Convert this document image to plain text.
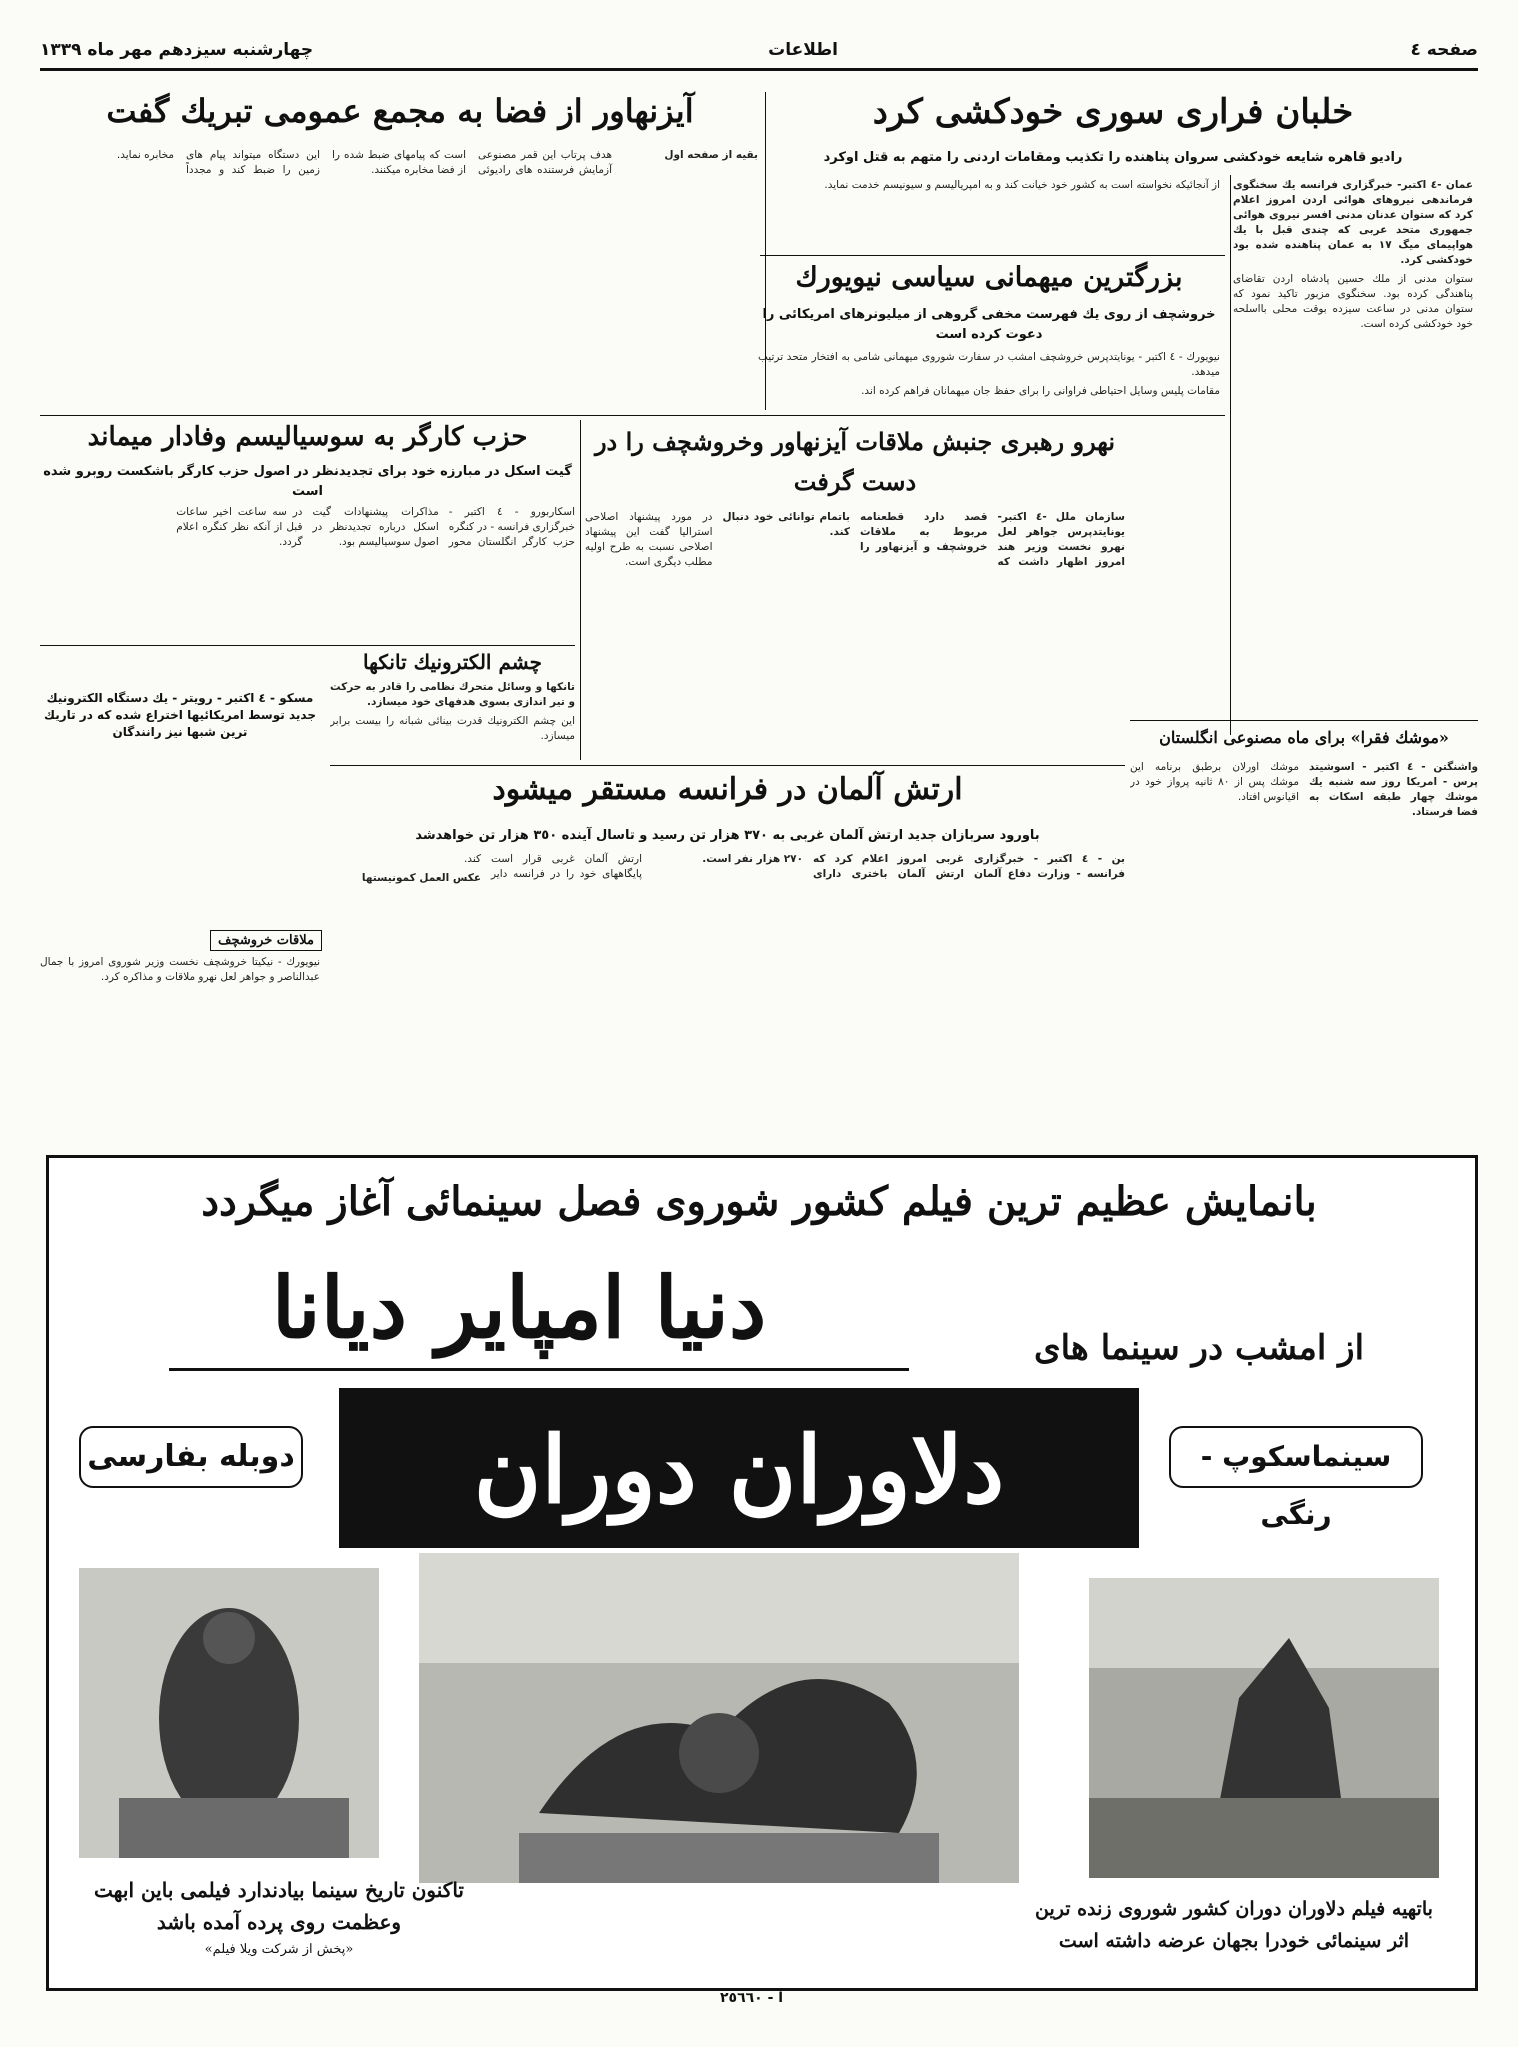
صفحه ٤
اطلاعات
چهارشنبه سیزدهم مهر ماه ١٣٣٩
خلبان فراری سوری خودکشی کرد
رادیو قاهره شایعه خودکشی سروان پناهنده را تکذیب ومقامات اردنی را متهم به قتل اوکرد

عمان -٤ اکتبر- خبرگزاری فرانسه یك سخنگوی فرماندهی نیروهای هوائی اردن امروز اعلام کرد که ستوان عدنان مدنی افسر نیروی هوائی جمهوری متحد عربی که چندی قبل با یك هواپیمای میگ ١٧ به عمان پناهنده شده بود خودکشی کرد.

ستوان مدنی از ملك حسین پادشاه اردن تقاضای پناهندگی کرده بود. سخنگوی مزبور تاکید نمود که ستوان مدنی در ساعت سیزده بوقت محلی بااسلحه خود خودکشی کرده است.

از آنجائیکه نخواسته است به کشور خود خیانت کند و به امپریالیسم و سیونیسم خدمت نماید.

بزرگترین میهمانی سیاسی نیویورك
خروشچف از روی یك فهرست مخفی گروهی از میلیونرهای امریکائی را دعوت کرده است

نیویورك - ٤ اکتبر - یونایتدپرس خروشچف امشب در سفارت شوروی میهمانی شامی به افتخار متحد ترتیب میدهد.

مقامات پلیس وسایل احتیاطی فراوانی را برای حفظ جان میهمانان فراهم کرده اند.

آیزنهاور از فضا به مجمع عمومی تبریك گفت

بقیه از صفحه اول

هدف پرتاب این قمر مصنوعی آزمایش فرستنده های رادیوئی است که پیامهای ضبط شده را از فضا مخابره میکنند.

این دستگاه میتواند پیام های زمین را ضبط کند و مجدداً مخابره نماید.

نهرو رهبری جنبش ملاقات آیزنهاور وخروشچف را در دست گرفت

سازمان ملل -٤ اکتبر- یونایتدپرس جواهر لعل نهرو نخست وزیر هند امروز اظهار داشت که قصد دارد قطعنامه مربوط به ملاقات خروشچف و آیزنهاور را باتمام توانائی خود دنبال کند.

در مورد پیشنهاد اصلاحی استرالیا گفت این پیشنهاد اصلاحی نسبت به طرح اولیه مطلب دیگری است.

حزب کارگر به سوسیالیسم وفادار میماند
گیت اسکل در مبارزه خود برای تجدیدنظر در اصول حزب کارگر باشکست روبرو شده است

اسکاربورو - ٤ اکتبر - خبرگزاری فرانسه - در کنگره حزب کارگر انگلستان محور مذاکرات پیشنهادات گیت اسکل درباره تجدیدنظر در اصول سوسیالیسم بود.

در سه ساعت اخیر ساعات قبل از آنکه نظر کنگره اعلام گردد.

چشم الکترونیك تانکها
مسکو - ٤ اکتبر - رویتر - یك دستگاه الکترونیك جدید توسط امریکائیها اختراع شده که در تاریك ترین شبها نیز رانندگان

تانکها و وسائل متحرك نظامی را قادر به حرکت و تیر اندازی بسوی هدفهای خود میسازد.

این چشم الکترونیك قدرت بینائی شبانه را بیست برابر میسازد.

ملاقات خروشچف

نیویورك - نیکیتا خروشچف نخست وزیر شوروی امروز با جمال عبدالناصر و جواهر لعل نهرو ملاقات و مذاکره کرد.

«موشك فقرا» برای ماه مصنوعی انگلستان

واشنگتن - ٤ اکتبر - اسوشیتد پرس - امریکا روز سه شنبه یك موشك چهار طبقه اسکات به فضا فرستاد.

موشك اورلان برطبق برنامه این موشك پس از ٨٠ ثانیه پرواز خود در اقیانوس افتاد.

ارتش آلمان در فرانسه مستقر میشود
باورود سربازان جدید ارتش آلمان غربی به ٣٧٠ هزار تن رسید و تاسال آینده ٣٥٠ هزار تن خواهدشد

بن - ٤ اکتبر - خبرگزاری فرانسه - وزارت دفاع آلمان غربی امروز اعلام کرد که ارتش آلمان باختری دارای ٢٧٠ هزار نفر است.

ارتش آلمان غربی قرار است پایگاههای خود را در فرانسه دایر کند.

عکس العمل کمونیستها

بانمایش عظیم ترین فیلم کشور شوروی فصل سینمائی آغاز میگردد
دنیا امپایر دیانا	از امشب در سینما های
دوبله بفارسی	سینماسکوپ - رنگی
دلاوران دوران
تاکنون تاریخ سینما بیادندارد فیلمی باین ابهت
وعظمت روی پرده آمده باشد
«پخش از شرکت ویلا فیلم»
باتهیه فیلم دلاوران دوران کشور شوروی زنده ترین
اثر سینمائی خودرا بجهان عرضه داشته است
آ - ٢٥٦٦٠
